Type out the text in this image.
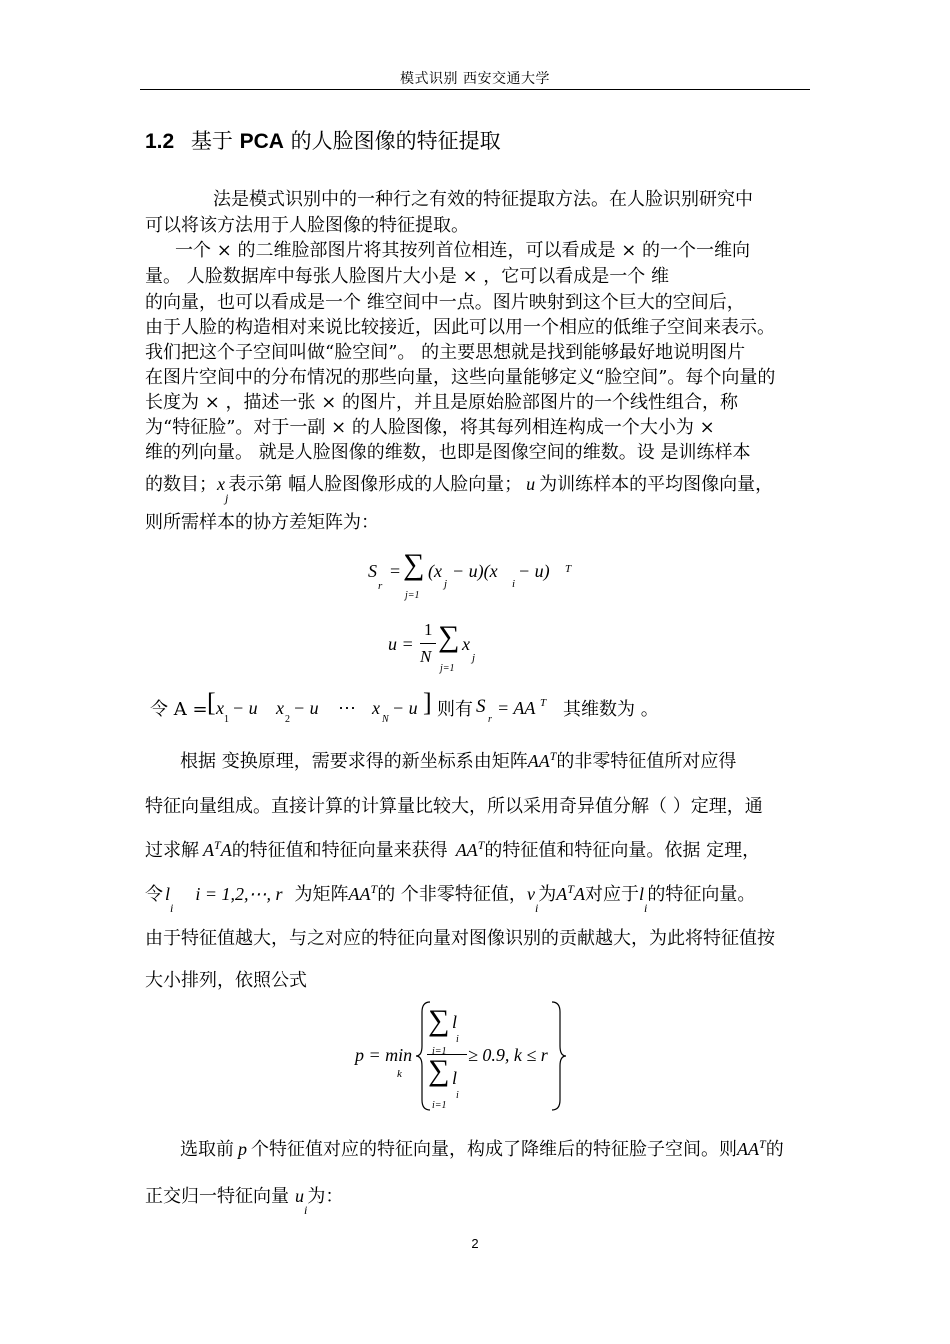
模式识别 西安交通大学
1.2 基于 PCA 的人脸图像的特征提取
法是模式识别中的一种行之有效的特征提取方法。在人脸识别研究中
可以将该方法用于人脸图像的特征提取。
一个 × 的二维脸部图片将其按列首位相连，可以看成是 × 的一个一维向
量。 人脸数据库中每张人脸图片大小是 × ，它可以看成是一个 维
的向量，也可以看成是一个 维空间中一点。图片映射到这个巨大的空间后，
由于人脸的构造相对来说比较接近，因此可以用一个相应的低维子空间来表示。
我们把这个子空间叫做“脸空间”。 的主要思想就是找到能够最好地说明图片
在图片空间中的分布情况的那些向量，这些向量能够定义“脸空间”。每个向量的
长度为 × ，描述一张 × 的图片，并且是原始脸部图片的一个线性组合，称
为“特征脸”。对于一副 × 的人脸图像，将其每列相连构成一个大小为 ×
维的列向量。 就是人脸图像的维数，也即是图像空间的维数。设 是训练样本
的数目；$x_j$表示第 幅人脸图像形成的人脸向量； u 为训练样本的平均图像向量，
则所需样本的协方差矩阵为：
S
r
= ∑ (x
j
− u)(x
i
− u) T
j=1
u =
1
N
∑ x
j
j=1
令 A = [ x
1
− u x
2
− u ⋯ x
N
− u ] 则有 S
r
= AA T 其维数为 。
根据 变换原理，需要求得的新坐标系由矩阵$AA^T$的非零特征值所对应得
特征向量组成。直接计算的计算量比较大，所以采用奇异值分解（ ）定理，通
过求解 $A^TA$的特征值和特征向量来获得 $AA^T$的特征值和特征向量。依据 定理，
令 $l_ii$ = 1,2,⋯, r 为矩阵$AA^T$的 个非零特征值，$v_i$为$A^TA$对应于$l_i$的特征向量。
由于特征值越大，与之对应的特征向量对图像识别的贡献越大，为此将特征值按
大小排列，依照公式
p = min
k
∑ l
i
i=1
∑ l
i
i=1
≥ 0.9, k ≤ r
选取前 p 个特征值对应的特征向量，构成了降维后的特征脸子空间。则$AA^T$的
正交归一特征向量 $u_i$为：
2
